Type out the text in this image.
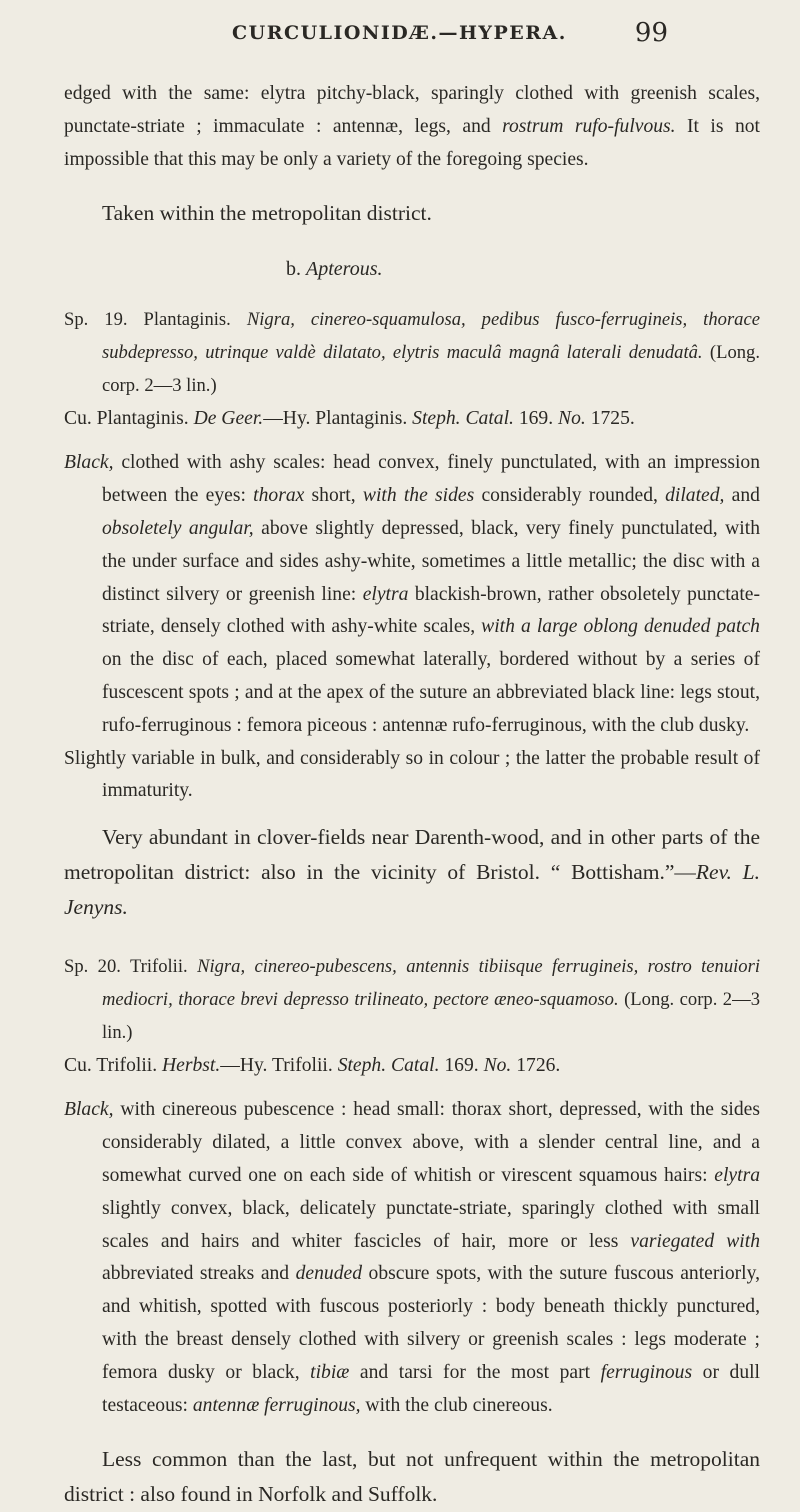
CURCULIONIDÆ.—HYPERA.	99

edged with the same: elytra pitchy-black, sparingly clothed with greenish scales, punctate-striate ; immaculate : antennæ, legs, and rostrum rufo-fulvous. It is not impossible that this may be only a variety of the foregoing species.

Taken within the metropolitan district.

b. Apterous.

Sp. 19. Plantaginis. Nigra, cinereo-squamulosa, pedibus fusco-ferrugineis, thorace subdepresso, utrinque valdè dilatato, elytris maculâ magnâ laterali denudatâ. (Long. corp. 2—3 lin.)

Cu. Plantaginis. De Geer.—Hy. Plantaginis. Steph. Catal. 169. No. 1725.

Black, clothed with ashy scales: head convex, finely punctulated, with an impression between the eyes: thorax short, with the sides considerably rounded, dilated, and obsoletely angular, above slightly depressed, black, very finely punctulated, with the under surface and sides ashy-white, sometimes a little metallic; the disc with a distinct silvery or greenish line: elytra blackish-brown, rather obsoletely punctate-striate, densely clothed with ashy-white scales, with a large oblong denuded patch on the disc of each, placed somewhat laterally, bordered without by a series of fuscescent spots ; and at the apex of the suture an abbreviated black line: legs stout, rufo-ferruginous : femora piceous : antennæ rufo-ferruginous, with the club dusky.

Slightly variable in bulk, and considerably so in colour ; the latter the probable result of immaturity.

Very abundant in clover-fields near Darenth-wood, and in other parts of the metropolitan district: also in the vicinity of Bristol. “ Bottisham.”—Rev. L. Jenyns.

Sp. 20. Trifolii. Nigra, cinereo-pubescens, antennis tibiisque ferrugineis, rostro tenuiori mediocri, thorace brevi depresso trilineato, pectore æneo-squamoso. (Long. corp. 2—3 lin.)

Cu. Trifolii. Herbst.—Hy. Trifolii. Steph. Catal. 169. No. 1726.

Black, with cinereous pubescence : head small: thorax short, depressed, with the sides considerably dilated, a little convex above, with a slender central line, and a somewhat curved one on each side of whitish or virescent squamous hairs: elytra slightly convex, black, delicately punctate-striate, sparingly clothed with small scales and hairs and whiter fascicles of hair, more or less variegated with abbreviated streaks and denuded obscure spots, with the suture fuscous anteriorly, and whitish, spotted with fuscous posteriorly : body beneath thickly punctured, with the breast densely clothed with silvery or greenish scales : legs moderate ; femora dusky or black, tibiæ and tarsi for the most part ferruginous or dull testaceous: antennæ ferruginous, with the club cinereous.

Less common than the last, but not unfrequent within the metropolitan district : also found in Norfolk and Suffolk.
